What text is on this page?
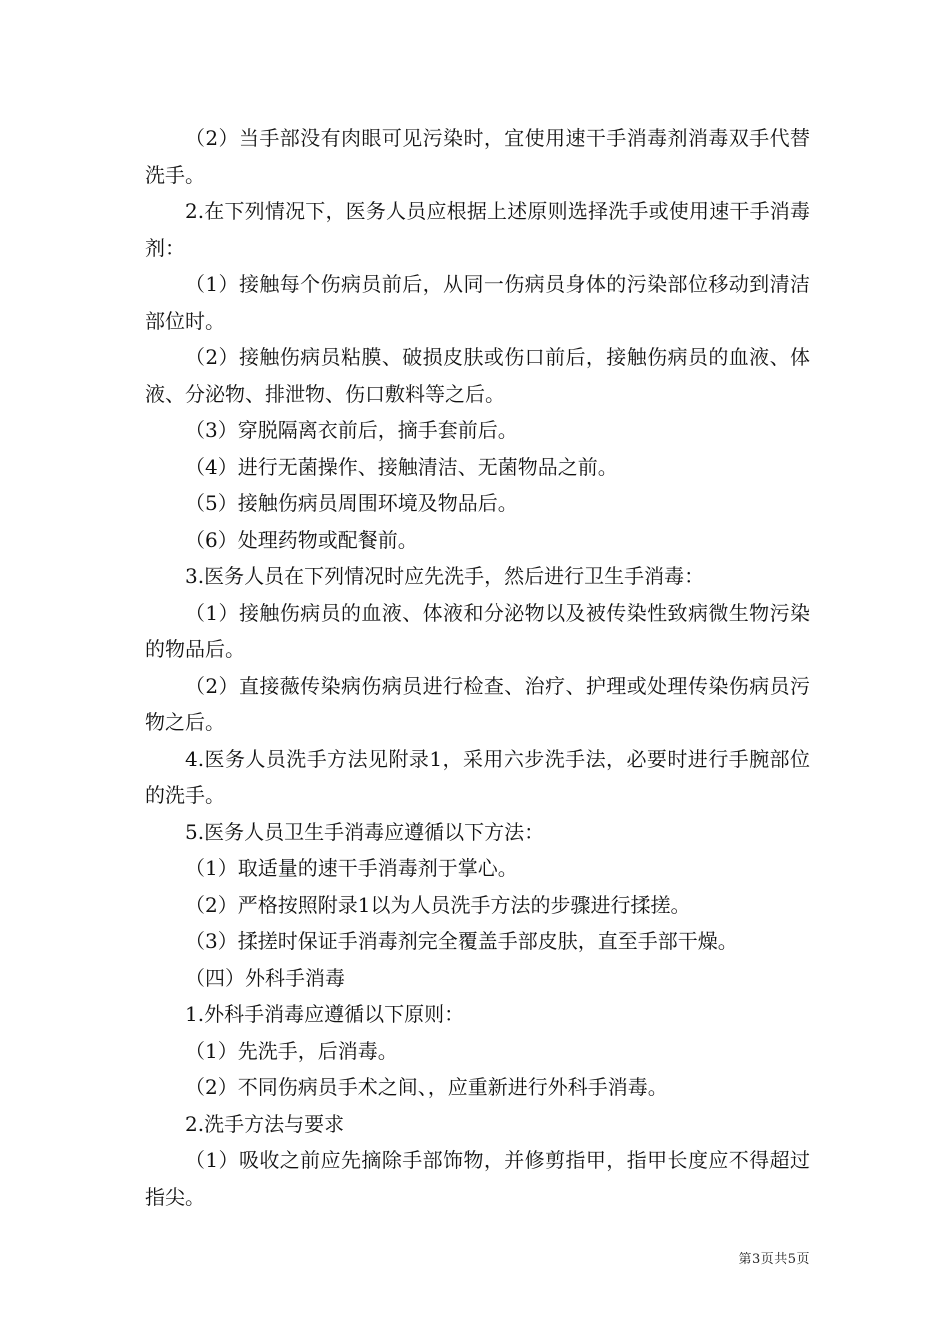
（2）当手部没有肉眼可见污染时，宜使用速干手消毒剂消毒双手代替洗手。

2.在下列情况下，医务人员应根据上述原则选择洗手或使用速干手消毒剂：

（1）接触每个伤病员前后，从同一伤病员身体的污染部位移动到清洁部位时。

（2）接触伤病员粘膜、破损皮肤或伤口前后，接触伤病员的血液、体液、分泌物、排泄物、伤口敷料等之后。

（3）穿脱隔离衣前后，摘手套前后。

（4）进行无菌操作、接触清洁、无菌物品之前。

（5）接触伤病员周围环境及物品后。

（6）处理药物或配餐前。

3.医务人员在下列情况时应先洗手，然后进行卫生手消毒：

（1）接触伤病员的血液、体液和分泌物以及被传染性致病微生物污染的物品后。

（2）直接薇传染病伤病员进行检查、治疗、护理或处理传染伤病员污物之后。

4.医务人员洗手方法见附录1，采用六步洗手法，必要时进行手腕部位的洗手。

5.医务人员卫生手消毒应遵循以下方法：

（1）取适量的速干手消毒剂于掌心。

（2）严格按照附录1以为人员洗手方法的步骤进行揉搓。

（3）揉搓时保证手消毒剂完全覆盖手部皮肤，直至手部干燥。

（四）外科手消毒

1.外科手消毒应遵循以下原则：

（1）先洗手，后消毒。

（2）不同伤病员手术之间、，应重新进行外科手消毒。

2.洗手方法与要求

（1）吸收之前应先摘除手部饰物，并修剪指甲，指甲长度应不得超过指尖。

第3页共5页
